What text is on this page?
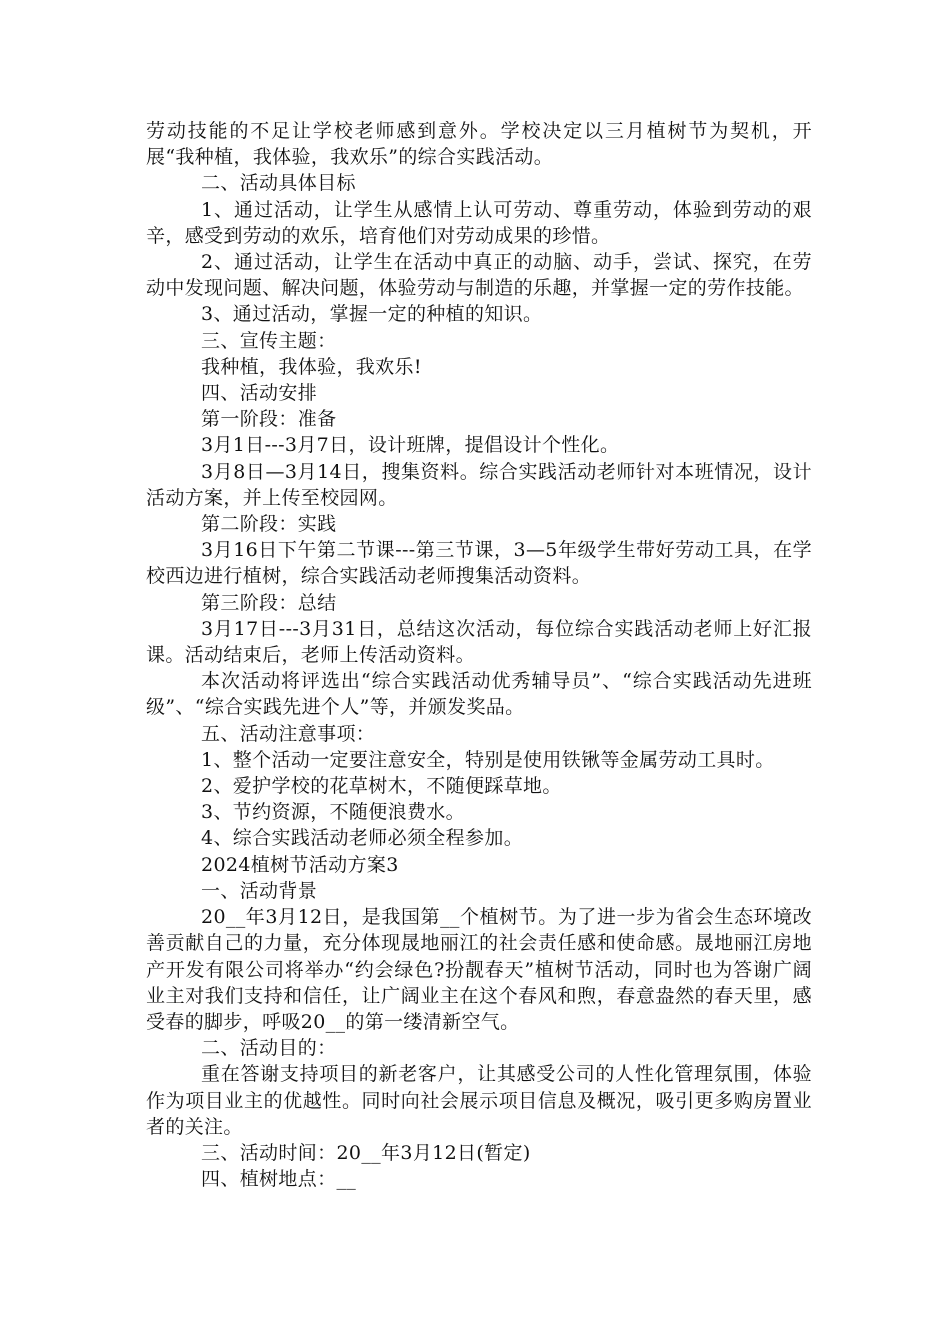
劳动技能的不足让学校老师感到意外。学校决定以三月植树节为契机，开展“我种植，我体验，我欢乐”的综合实践活动。

二、活动具体目标

1、通过活动，让学生从感情上认可劳动、尊重劳动，体验到劳动的艰辛，感受到劳动的欢乐，培育他们对劳动成果的珍惜。

2、通过活动，让学生在活动中真正的动脑、动手，尝试、探究，在劳动中发现问题、解决问题，体验劳动与制造的乐趣，并掌握一定的劳作技能。

3、通过活动，掌握一定的种植的知识。

三、宣传主题：

我种植，我体验，我欢乐!

四、活动安排

第一阶段：准备

3月1日---3月7日，设计班牌，提倡设计个性化。

3月8日—3月14日，搜集资料。综合实践活动老师针对本班情况，设计活动方案，并上传至校园网。

第二阶段：实践

3月16日下午第二节课---第三节课，3—5年级学生带好劳动工具，在学校西边进行植树，综合实践活动老师搜集活动资料。

第三阶段：总结

3月17日---3月31日，总结这次活动，每位综合实践活动老师上好汇报课。活动结束后，老师上传活动资料。

本次活动将评选出“综合实践活动优秀辅导员”、“综合实践活动先进班级”、“综合实践先进个人”等，并颁发奖品。

五、活动注意事项：

1、整个活动一定要注意安全，特别是使用铁锹等金属劳动工具时。

2、爱护学校的花草树木，不随便踩草地。

3、节约资源，不随便浪费水。

4、综合实践活动老师必须全程参加。

2024植树节活动方案3

一、活动背景

20__年3月12日，是我国第__个植树节。为了进一步为省会生态环境改善贡献自己的力量，充分体现晟地丽江的社会责任感和使命感。晟地丽江房地产开发有限公司将举办“约会绿色?扮靓春天”植树节活动，同时也为答谢广阔业主对我们支持和信任，让广阔业主在这个春风和煦，春意盎然的春天里，感受春的脚步，呼吸20__的第一缕清新空气。

二、活动目的：

重在答谢支持项目的新老客户，让其感受公司的人性化管理氛围，体验作为项目业主的优越性。同时向社会展示项目信息及概况，吸引更多购房置业者的关注。

三、活动时间：20__年3月12日(暂定)

四、植树地点：__
